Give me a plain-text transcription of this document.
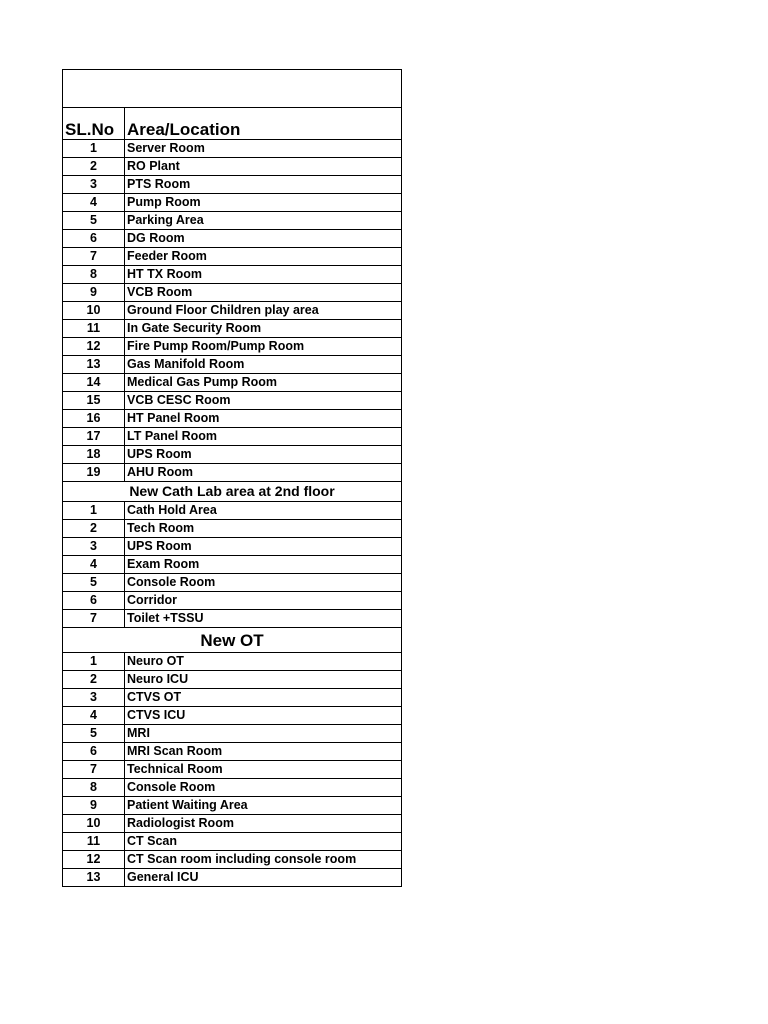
SL.No	Area/Location
1	Server Room
2	RO Plant
3	PTS Room
4	Pump Room
5	Parking Area
6	DG Room
7	Feeder Room
8	HT TX Room
9	VCB Room
10	Ground Floor Children play area
11	In Gate Security Room
12	Fire Pump Room/Pump Room
13	Gas Manifold Room
14	Medical Gas Pump Room
15	VCB CESC Room
16	HT Panel Room
17	LT Panel Room
18	UPS Room
19	AHU Room
New Cath Lab area at 2nd floor	
1	Cath Hold Area
2	Tech Room
3	UPS Room
4	Exam Room
5	Console Room
6	Corridor
7	Toilet +TSSU
New OT	
1	Neuro OT
2	Neuro ICU
3	CTVS OT
4	CTVS ICU
5	MRI
6	MRI Scan Room
7	Technical Room
8	Console Room
9	Patient Waiting Area
10	Radiologist Room
11	CT Scan
12	CT Scan room including console room
13	General ICU
